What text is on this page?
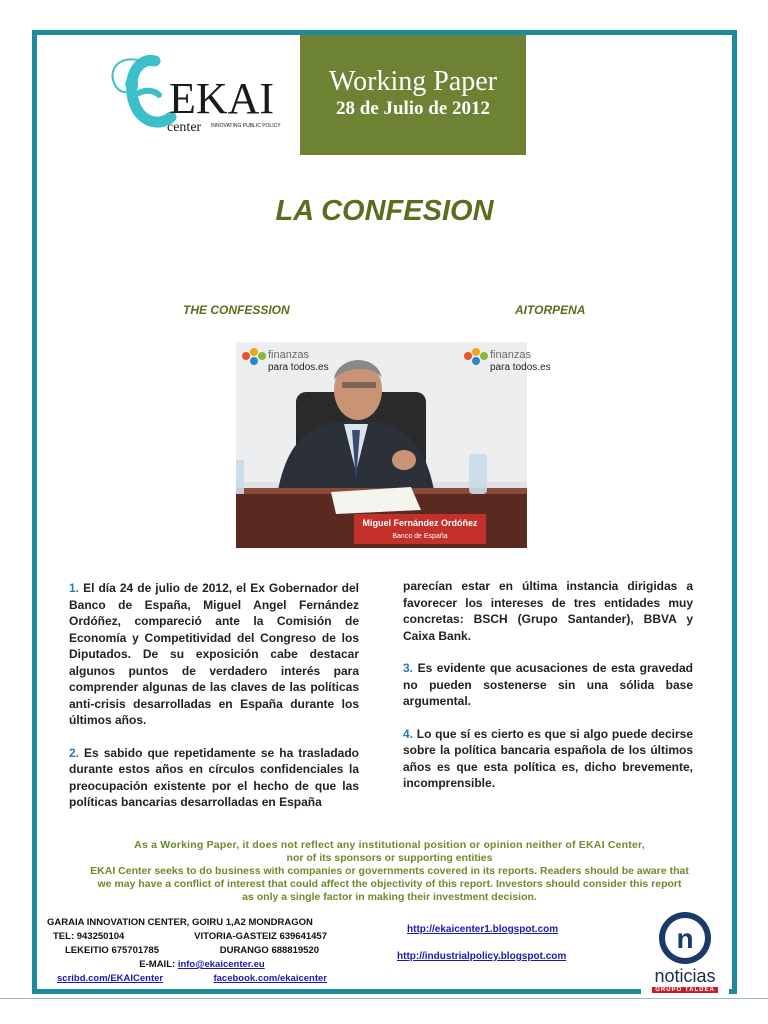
EKAI
center INNOVATING PUBLIC POLICY
Working Paper
28 de Julio de 2012
LA CONFESION
THE CONFESSION	AITORPENA
finanzas
para todos.es
finanzas
para todos.es
Miguel Fernández Ordóñez
Banco de España

1. El día 24 de julio de 2012, el Ex Gobernador del Banco de España, Miguel Angel Fernández Ordóñez, compareció ante la Comisión de Economía y Competitividad del Congreso de los Diputados. De su exposición cabe destacar algunos puntos de verdadero interés para comprender algunas de las claves de las políticas anti-crisis desarrolladas en España durante los últimos años.

2. Es sabido que repetidamente se ha trasladado durante estos años en círculos confidenciales la preocupación existente por el hecho de que las políticas bancarias desarrolladas en España

parecían estar en última instancia dirigidas a favorecer los intereses de tres entidades muy concretas: BSCH (Grupo Santander), BBVA y Caixa Bank.

3. Es evidente que acusaciones de esta gravedad no pueden sostenerse sin una sólida base argumental.

4. Lo que sí es cierto es que si algo puede decirse sobre la política bancaria española de los últimos años es que esta política es, dicho brevemente, incomprensible.

As a Working Paper, it does not reflect any institutional position or opinion neither of EKAI Center,
nor of its sponsors or supporting entities
EKAI Center seeks to do business with companies or governments covered in its reports. Readers should be aware that
we may have a conflict of interest that could affect the objectivity of this report. Investors should consider this report
as only a single factor in making their investment decision.
GARAIA INNOVATION CENTER, GOIRU 1,A2 MONDRAGON
TEL: 943250104	VITORIA-GASTEIZ 639641457
LEKEITIO 675701785	DURANGO 688819520
E-MAIL: info@ekaicenter.eu
scribd.com/EKAICenter	facebook.com/ekaicenter
http://ekaicenter1.blogspot.com
http://industrialpolicy.blogspot.com
n
noticias
GRUPO TALDEA
